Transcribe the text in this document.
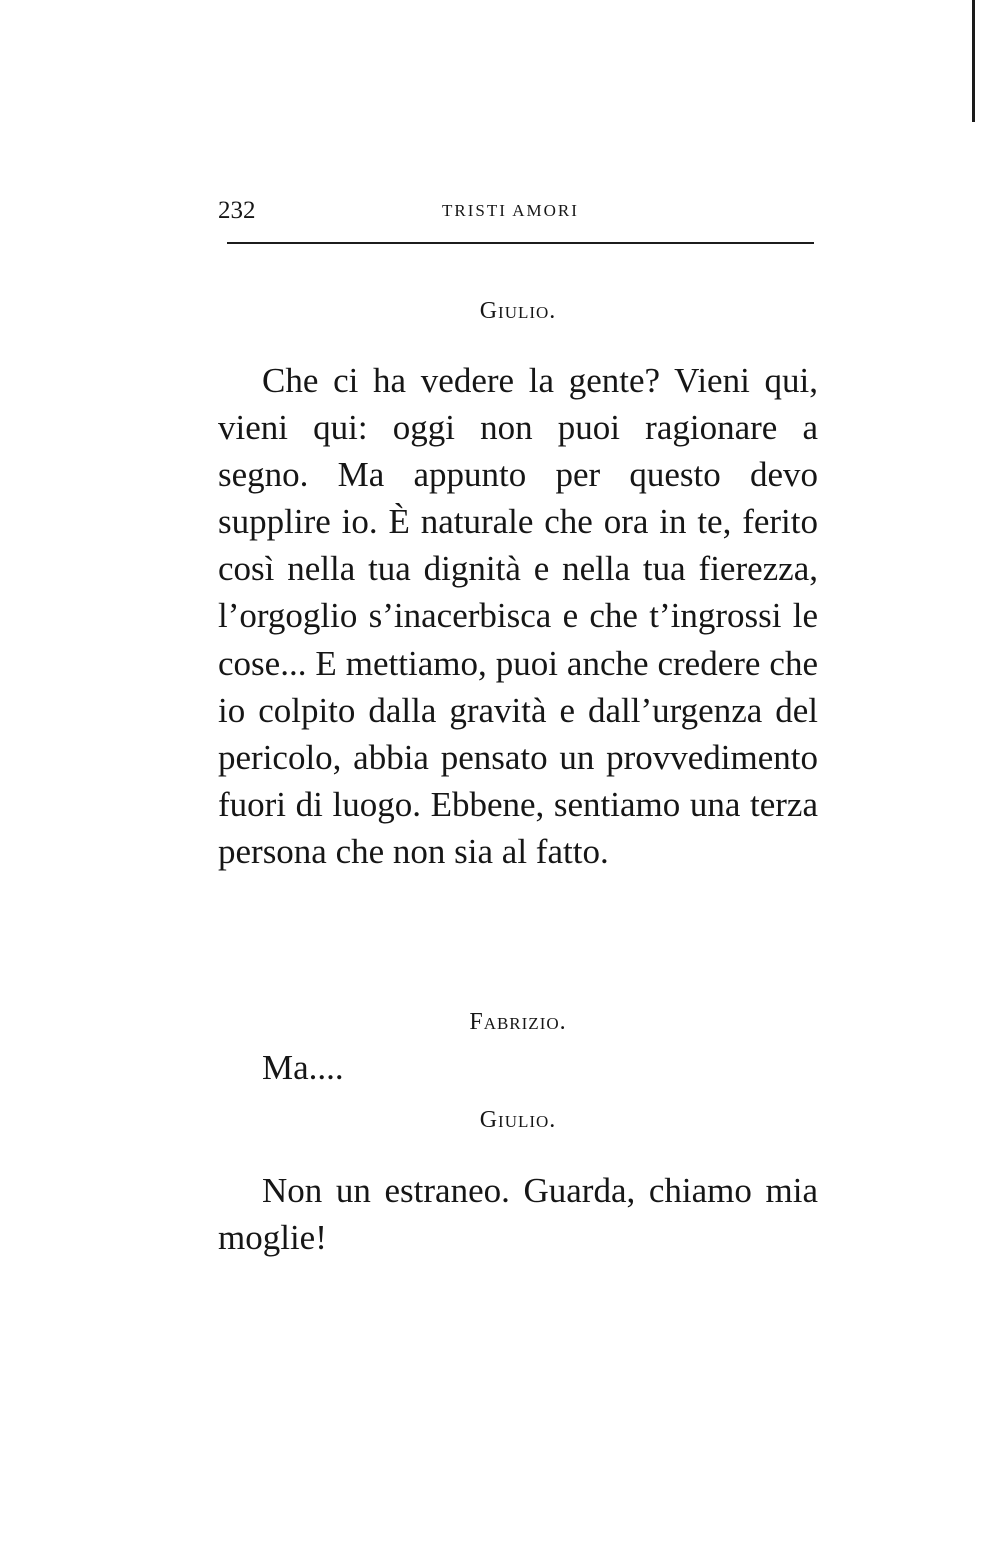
232	TRISTI AMORI
Giulio.
Che ci ha vedere la gente? Vieni qui, vieni qui: oggi non puoi ragionare a segno. Ma appunto per questo devo supplire io. È naturale che ora in te, ferito così nella tua dignità e nella tua fierezza, l’orgoglio s’inacerbisca e che t’ingrossi le cose... E mettiamo, puoi anche credere che io colpito dalla gravità e dall’urgenza del pericolo, abbia pensato un provvedimento fuori di luogo. Ebbene, sentiamo una terza persona che non sia al fatto.
Fabrizio.
Ma....
Giulio.
Non un estraneo. Guarda, chiamo mia moglie!
